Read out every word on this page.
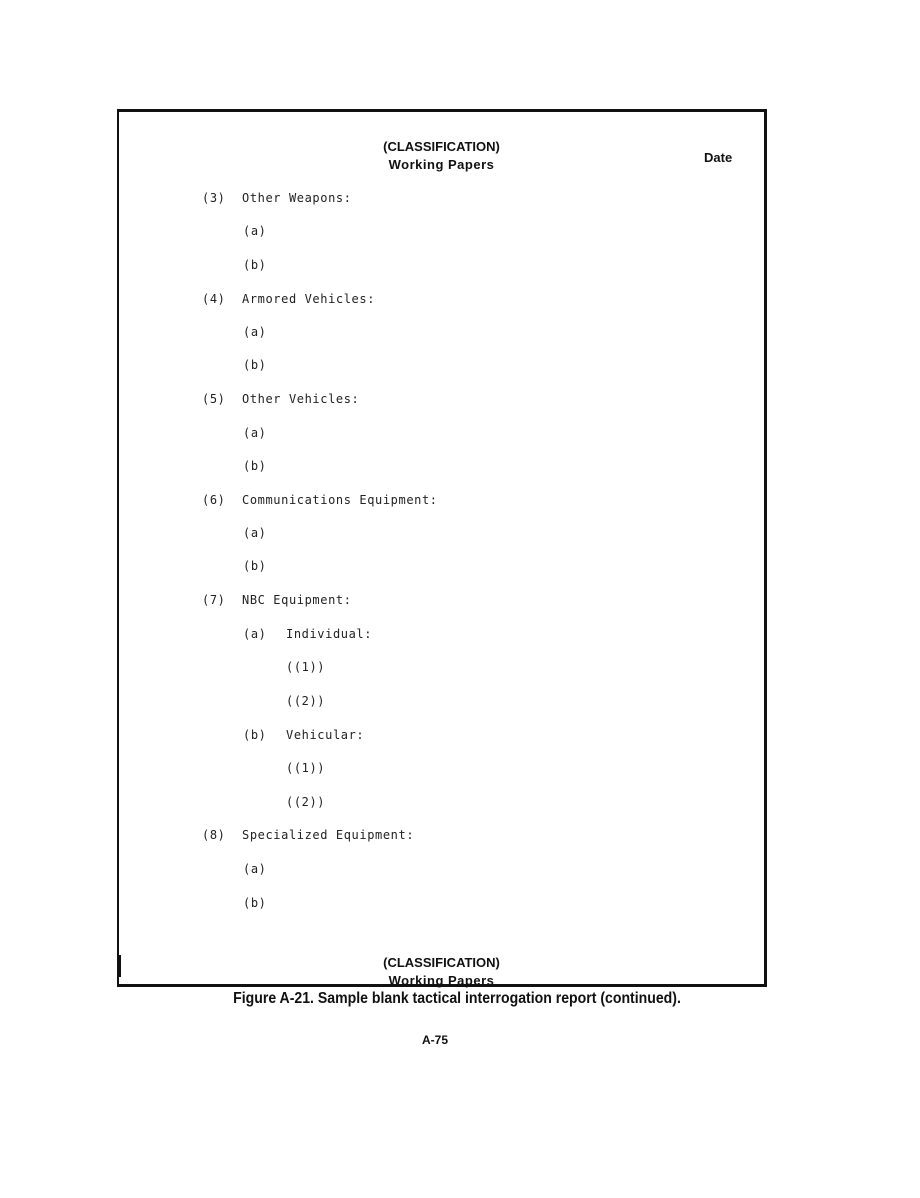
(CLASSIFICATION)
Working Papers
(CLASSIFICATION)
Working Papers
Date
(3) Other Weapons:
(a)
(b)
(4) Armored Vehicles:
(a)
(b)
(5) Other Vehicles:
(a)
(b)
(6) Communications Equipment:
(a)
(b)
(7) NBC Equipment:
(a) Individual:
((1))
((2))
(b) Vehicular:
((1))
((2))
(8) Specialized Equipment:
(a)
(b)
Figure A-21. Sample blank tactical interrogation report (continued).
A-75
